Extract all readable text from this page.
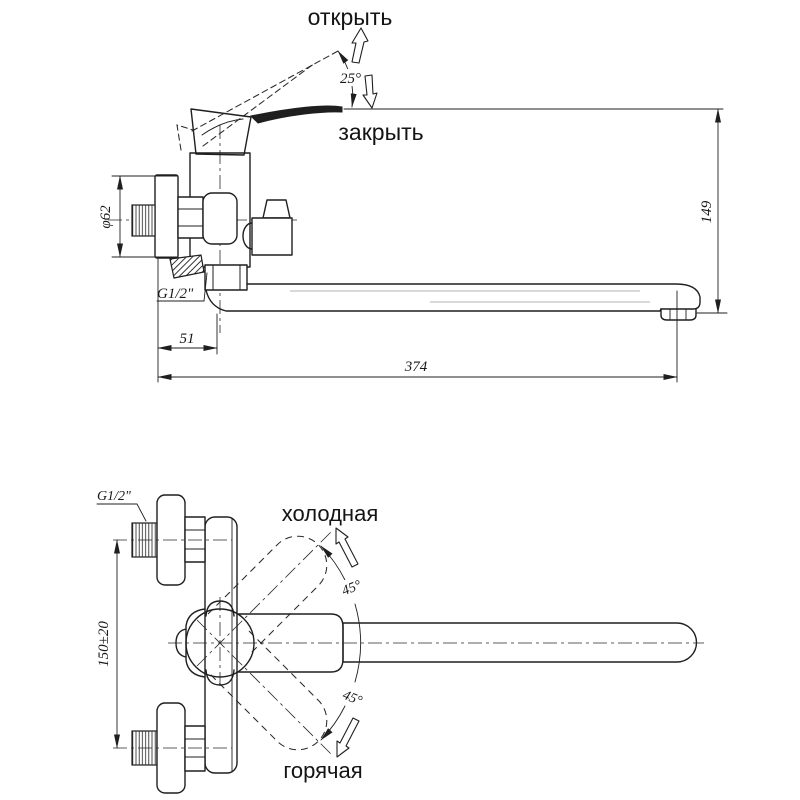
25°
открыть
закрыть
φ62
G1/2"
51
374
149
45°
45°
холодная
горячая
G1/2"
150±20
